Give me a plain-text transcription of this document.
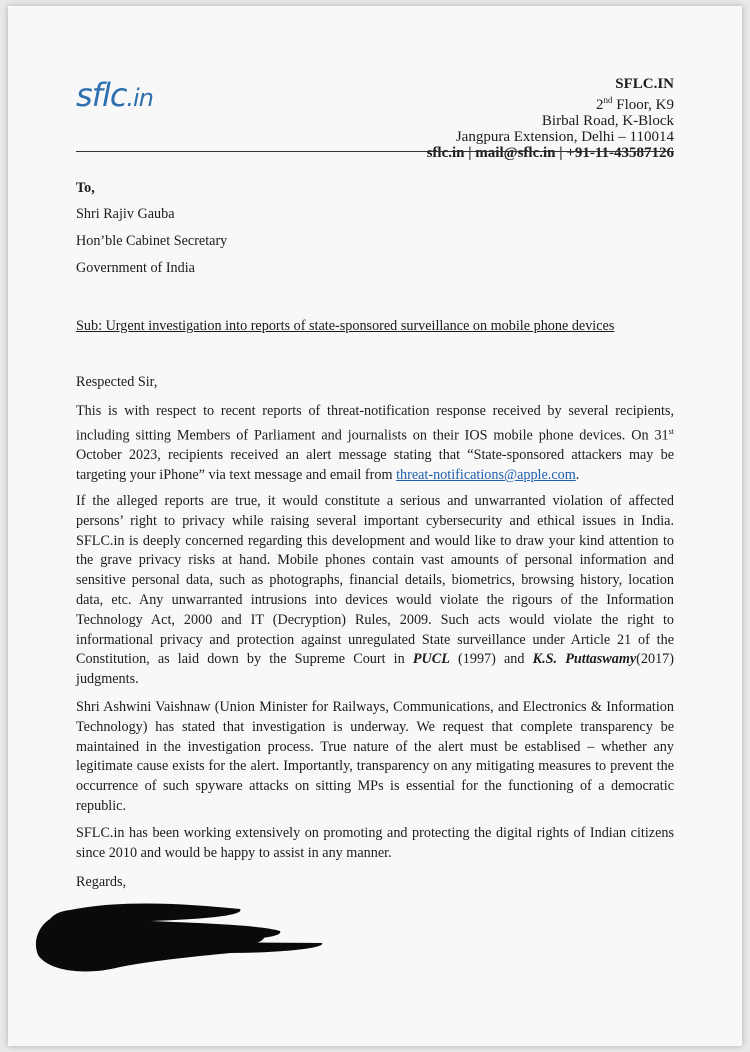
sflc.in	SFLC.IN
2nd Floor, K9
Birbal Road, K-Block
Jangpura Extension, Delhi – 110014
sflc.in | mail@sflc.in | +91-11-43587126
To,
Shri Rajiv Gauba
Hon’ble Cabinet Secretary
Government of India
Sub: Urgent investigation into reports of state-sponsored surveillance on mobile phone devices
Respected Sir,
This is with respect to recent reports of threat-notification response received by several recipients, including sitting Members of Parliament and journalists on their IOS mobile phone devices. On 31st October 2023, recipients received an alert message stating that “State-sponsored attackers may be targeting your iPhone” via text message and email from threat-notifications@apple.com.
If the alleged reports are true, it would constitute a serious and unwarranted violation of affected persons’ right to privacy while raising several important cybersecurity and ethical issues in India. SFLC.in is deeply concerned regarding this development and would like to draw your kind attention to the grave privacy risks at hand. Mobile phones contain vast amounts of personal information and sensitive personal data, such as photographs, financial details, biometrics, browsing history, location data, etc. Any unwarranted intrusions into devices would violate the rigours of the Information Technology Act, 2000 and IT (Decryption) Rules, 2009. Such acts would violate the right to informational privacy and protection against unregulated State surveillance under Article 21 of the Constitution, as laid down by the Supreme Court in PUCL (1997) and K.S. Puttaswamy(2017) judgments.
Shri Ashwini Vaishnaw (Union Minister for Railways, Communications, and Electronics & Information Technology) has stated that investigation is underway. We request that complete transparency be maintained in the investigation process. True nature of the alert must be establised – whether any legitimate cause exists for the alert. Importantly, transparency on any mitigating measures to prevent the occurrence of such spyware attacks on sitting MPs is essential for the functioning of a democratic republic.
SFLC.in has been working extensively on promoting and protecting the digital rights of Indian citizens since 2010 and would be happy to assist in any manner.
Regards,
